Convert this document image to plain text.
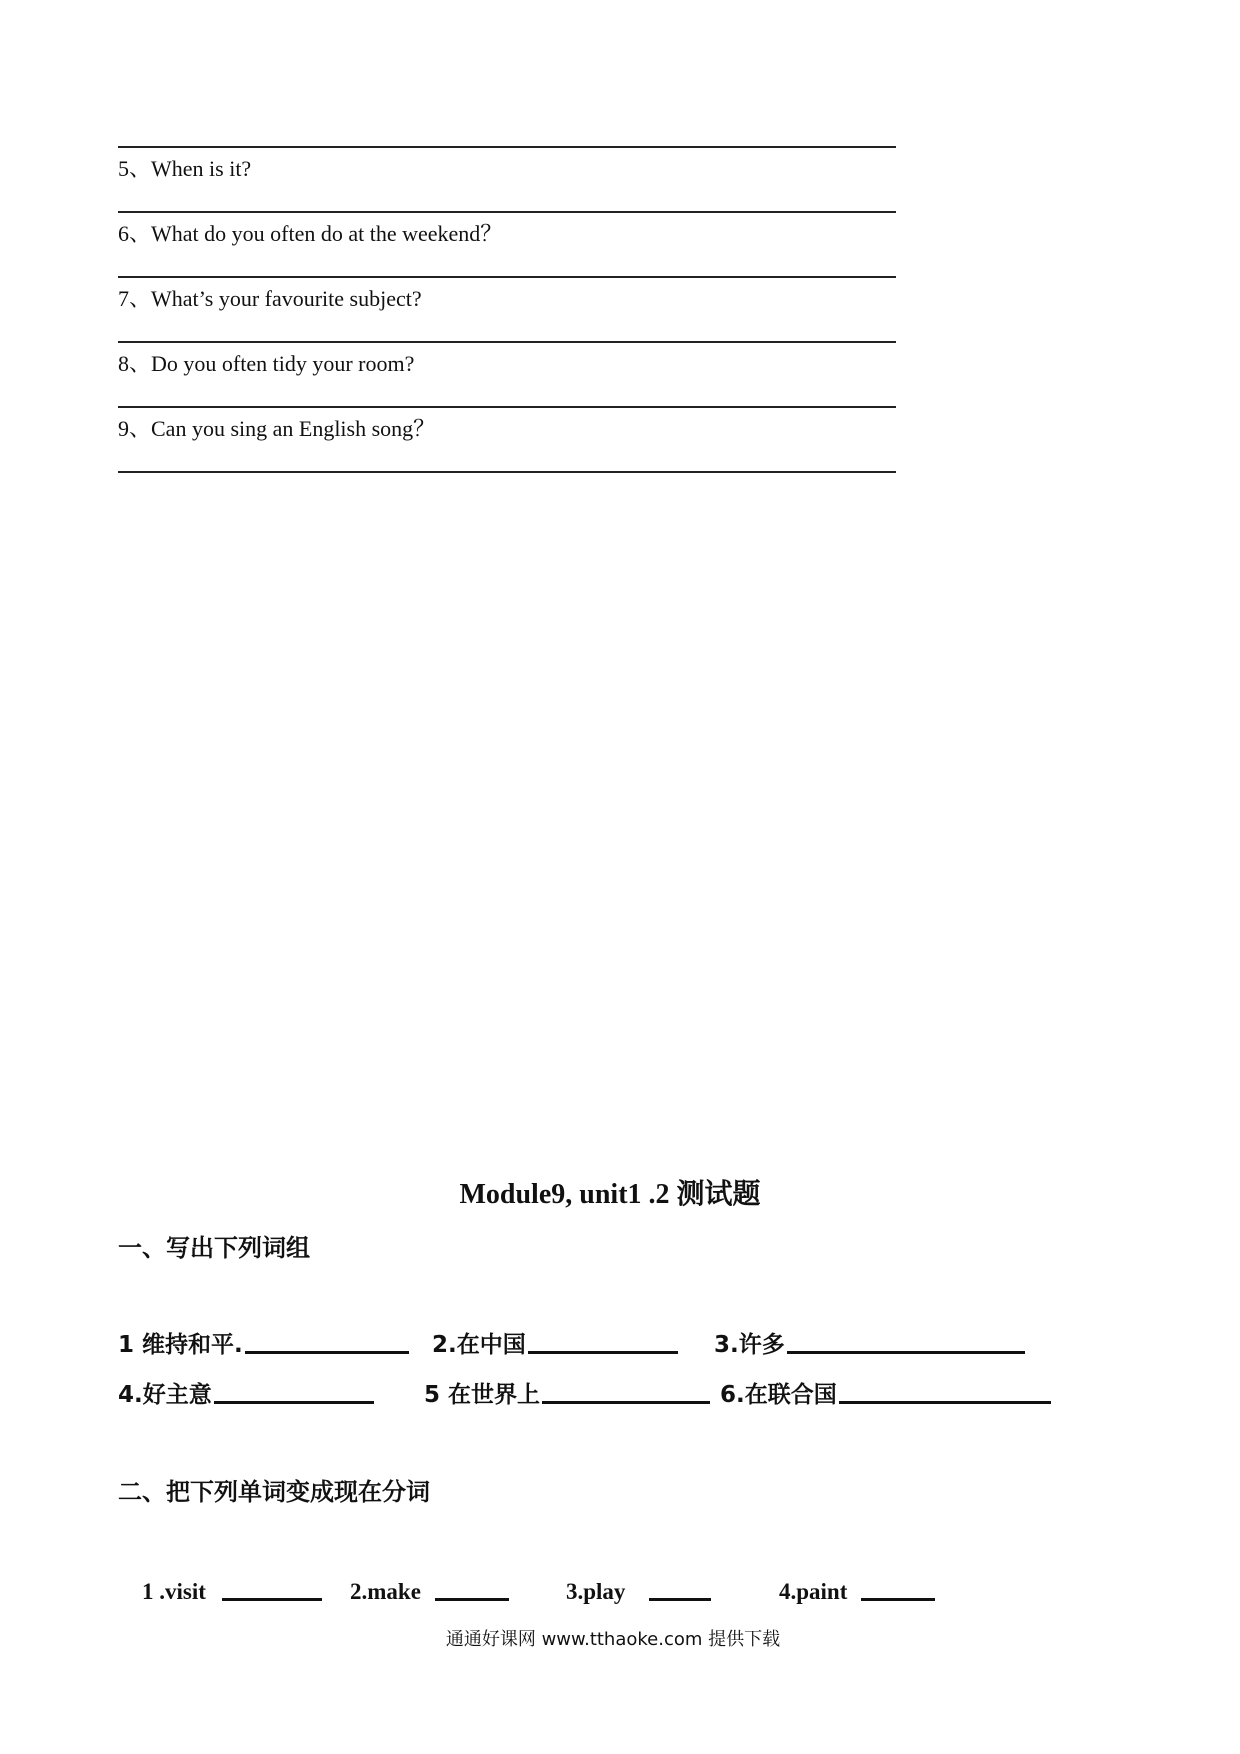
5、When is it?
6、What do you often do at the weekend？
7、What’s your favourite subject?
8、Do you often tidy your room?
9、Can you sing an English song？
Module9, unit1 .2 测试题
一、写出下列词组
1 维持和平.	2.在中国	3.许多
4.好主意	5 在世界上	6.在联合国
二、把下列单词变成现在分词
1 .visit	2.make	3.play	4.paint
通通好课网 www.tthaoke.com 提供下载
